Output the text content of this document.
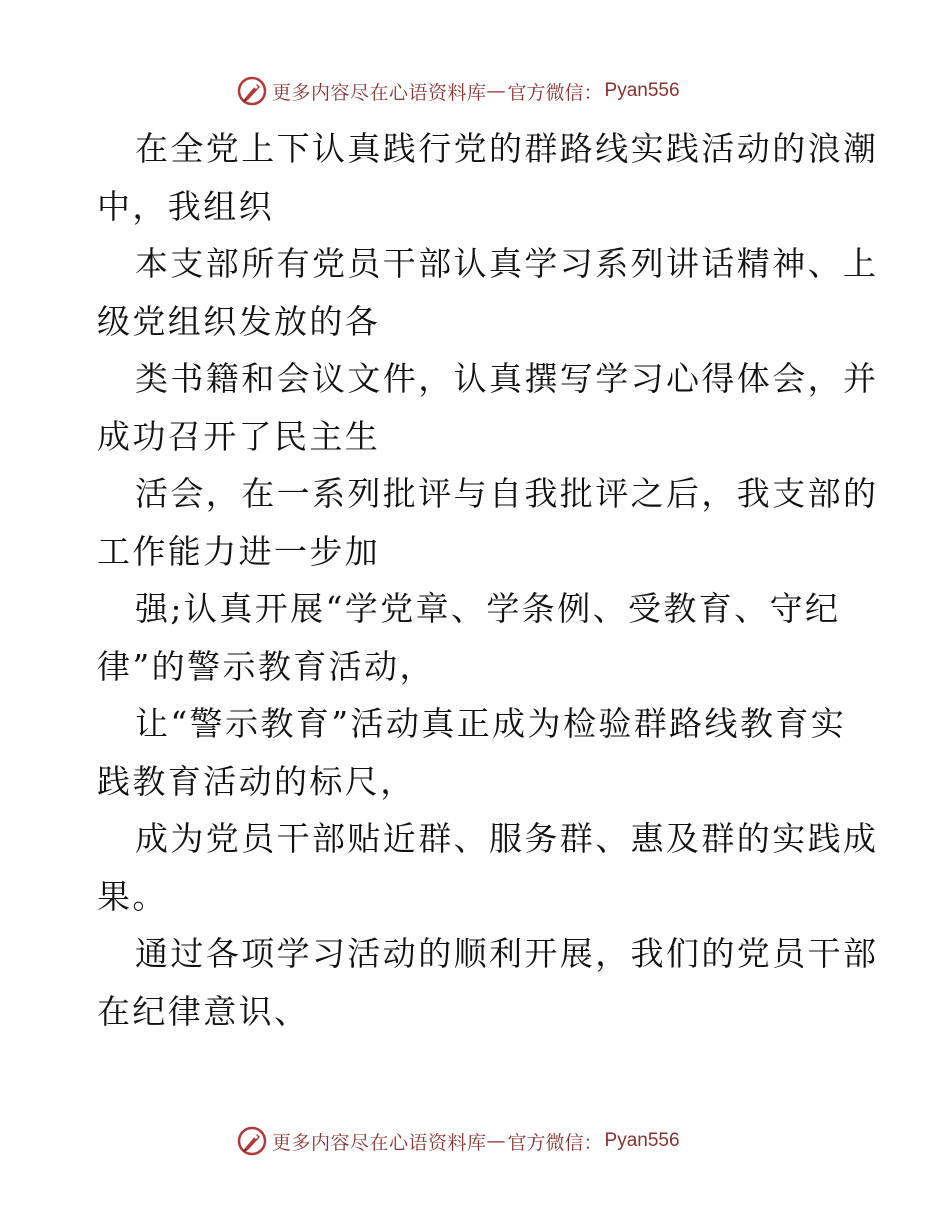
更多内容尽在心语资料库 — 官方微信： Pyan556
在全党上下认真践行党的群路线实践活动的浪潮
中，我组织
本支部所有党员干部认真学习系列讲话精神、上
级党组织发放的各
类书籍和会议文件，认真撰写学习心得体会，并
成功召开了民主生
活会，在一系列批评与自我批评之后，我支部的
工作能力进一步加
强;认真开展“学党章、学条例、受教育、守纪
律”的警示教育活动，
让“警示教育”活动真正成为检验群路线教育实
践教育活动的标尺，
成为党员干部贴近群、服务群、惠及群的实践成
果。
通过各项学习活动的顺利开展，我们的党员干部
在纪律意识、
更多内容尽在心语资料库 — 官方微信： Pyan556
